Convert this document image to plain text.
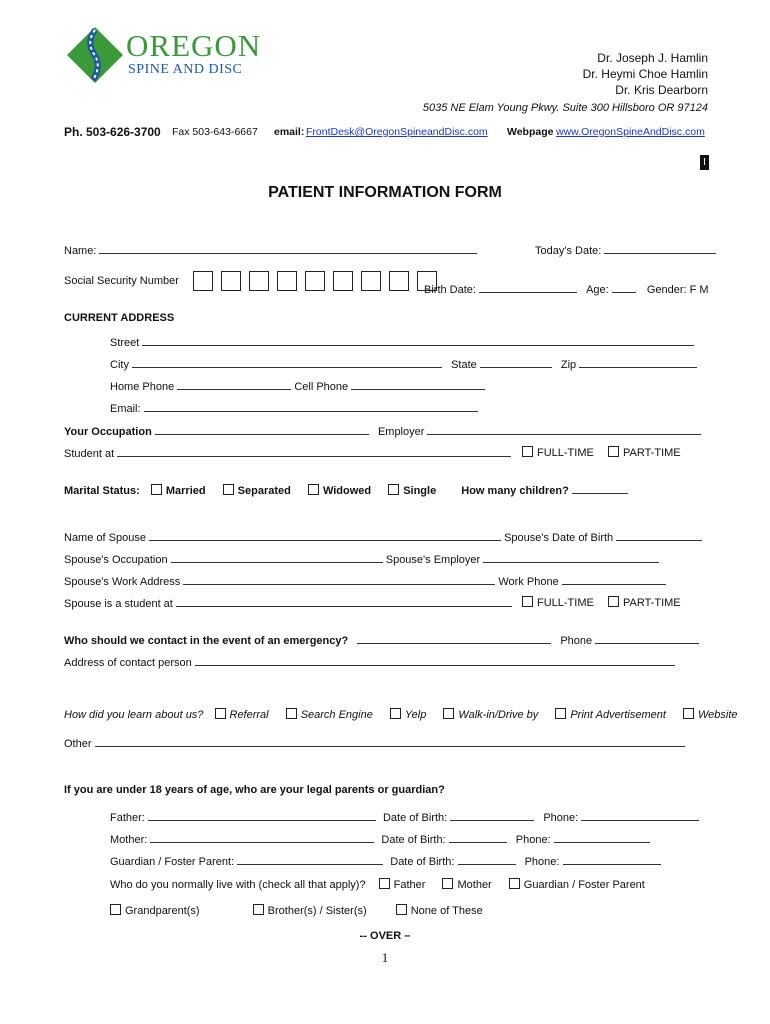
OREGON
SPINE AND DISC
Dr. Joseph J. Hamlin
Dr. Heymi Choe Hamlin
Dr. Kris Dearborn
5035 NE Elam Young Pkwy. Suite 300 Hillsboro OR 97124
Ph. 503-626-3700 Fax 503-643-6667 email: FrontDesk@OregonSpineandDisc.com Webpage www.OregonSpineAndDisc.com
I
PATIENT INFORMATION FORM
Name:	Today's Date:
Social Security Number
Birth Date:	Age:	Gender: F M
CURRENT ADDRESS
Street
City	State	Zip
Home Phone	Cell Phone
Email:
Your Occupation	Employer
Student at	FULL-TIME	PART-TIME
Marital Status: Married	Separated	Widowed	Single How many children?
Name of Spouse	Spouse's Date of Birth
Spouse's Occupation	Spouse's Employer
Spouse's Work Address	Work Phone
Spouse is a student at	FULL-TIME	PART-TIME
Who should we contact in the event of an emergency?	Phone
Address of contact person
How did you learn about us? Referral	Search Engine	Yelp	Walk-in/Drive by	Print Advertisement	Website
Other
If you are under 18 years of age, who are your legal parents or guardian?
Father:	Date of Birth:	Phone:
Mother:	Date of Birth:	Phone:
Guardian / Foster Parent:	Date of Birth:	Phone:
Who do you normally live with (check all that apply)?	Father	Mother	Guardian / Foster Parent
Grandparent(s)	Brother(s) / Sister(s)	None of These
-- OVER –
1
